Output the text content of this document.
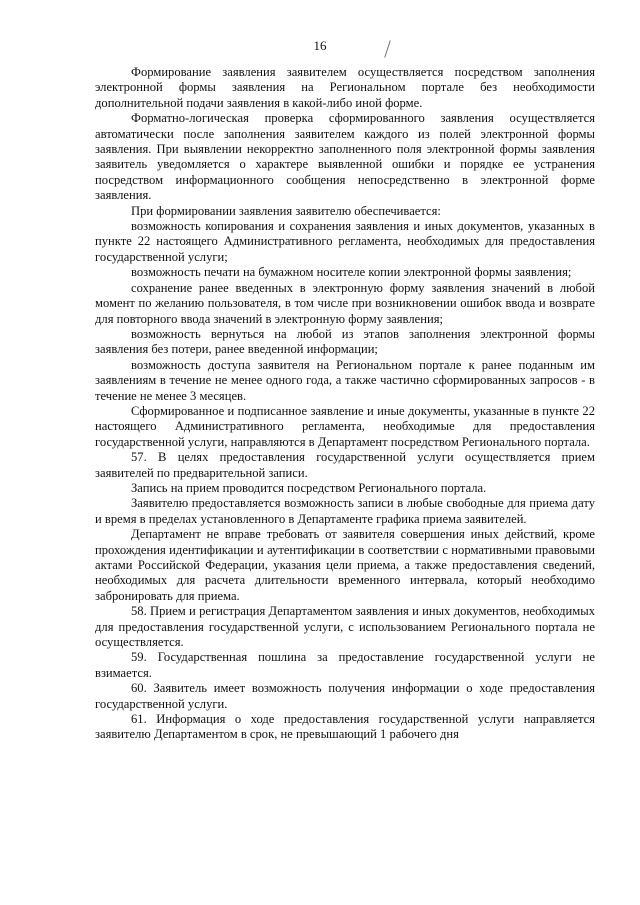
16

Формирование заявления заявителем осуществляется посредством заполнения электронной формы заявления на Региональном портале без необходимости дополнительной подачи заявления в какой-либо иной форме.

Форматно-логическая проверка сформированного заявления осуществляется автоматически после заполнения заявителем каждого из полей электронной формы заявления. При выявлении некорректно заполненного поля электронной формы заявления заявитель уведомляется о характере выявленной ошибки и порядке ее устранения посредством информационного сообщения непосредственно в электронной форме заявления.

При формировании заявления заявителю обеспечивается:

возможность копирования и сохранения заявления и иных документов, указанных в пункте 22 настоящего Административного регламента, необходимых для предоставления государственной услуги;

возможность печати на бумажном носителе копии электронной формы заявления;

сохранение ранее введенных в электронную форму заявления значений в любой момент по желанию пользователя, в том числе при возникновении ошибок ввода и возврате для повторного ввода значений в электронную форму заявления;

возможность вернуться на любой из этапов заполнения электронной формы заявления без потери, ранее введенной информации;

возможность доступа заявителя на Региональном портале к ранее поданным им заявлениям в течение не менее одного года, а также частично сформированных запросов - в течение не менее 3 месяцев.

Сформированное и подписанное заявление и иные документы, указанные в пункте 22 настоящего Административного регламента, необходимые для предоставления государственной услуги, направляются в Департамент посредством Регионального портала.

57. В целях предоставления государственной услуги осуществляется прием заявителей по предварительной записи.

Запись на прием проводится посредством Регионального портала.

Заявителю предоставляется возможность записи в любые свободные для приема дату и время в пределах установленного в Департаменте графика приема заявителей.

Департамент не вправе требовать от заявителя совершения иных действий, кроме прохождения идентификации и аутентификации в соответствии с нормативными правовыми актами Российской Федерации, указания цели приема, а также предоставления сведений, необходимых для расчета длительности временного интервала, который необходимо забронировать для приема.

58. Прием и регистрация Департаментом заявления и иных документов, необходимых для предоставления государственной услуги, с использованием Регионального портала не осуществляется.

59. Государственная пошлина за предоставление государственной услуги не взимается.

60. Заявитель имеет возможность получения информации о ходе предоставления государственной услуги.

61. Информация о ходе предоставления государственной услуги направляется заявителю Департаментом в срок, не превышающий 1 рабочего дня
